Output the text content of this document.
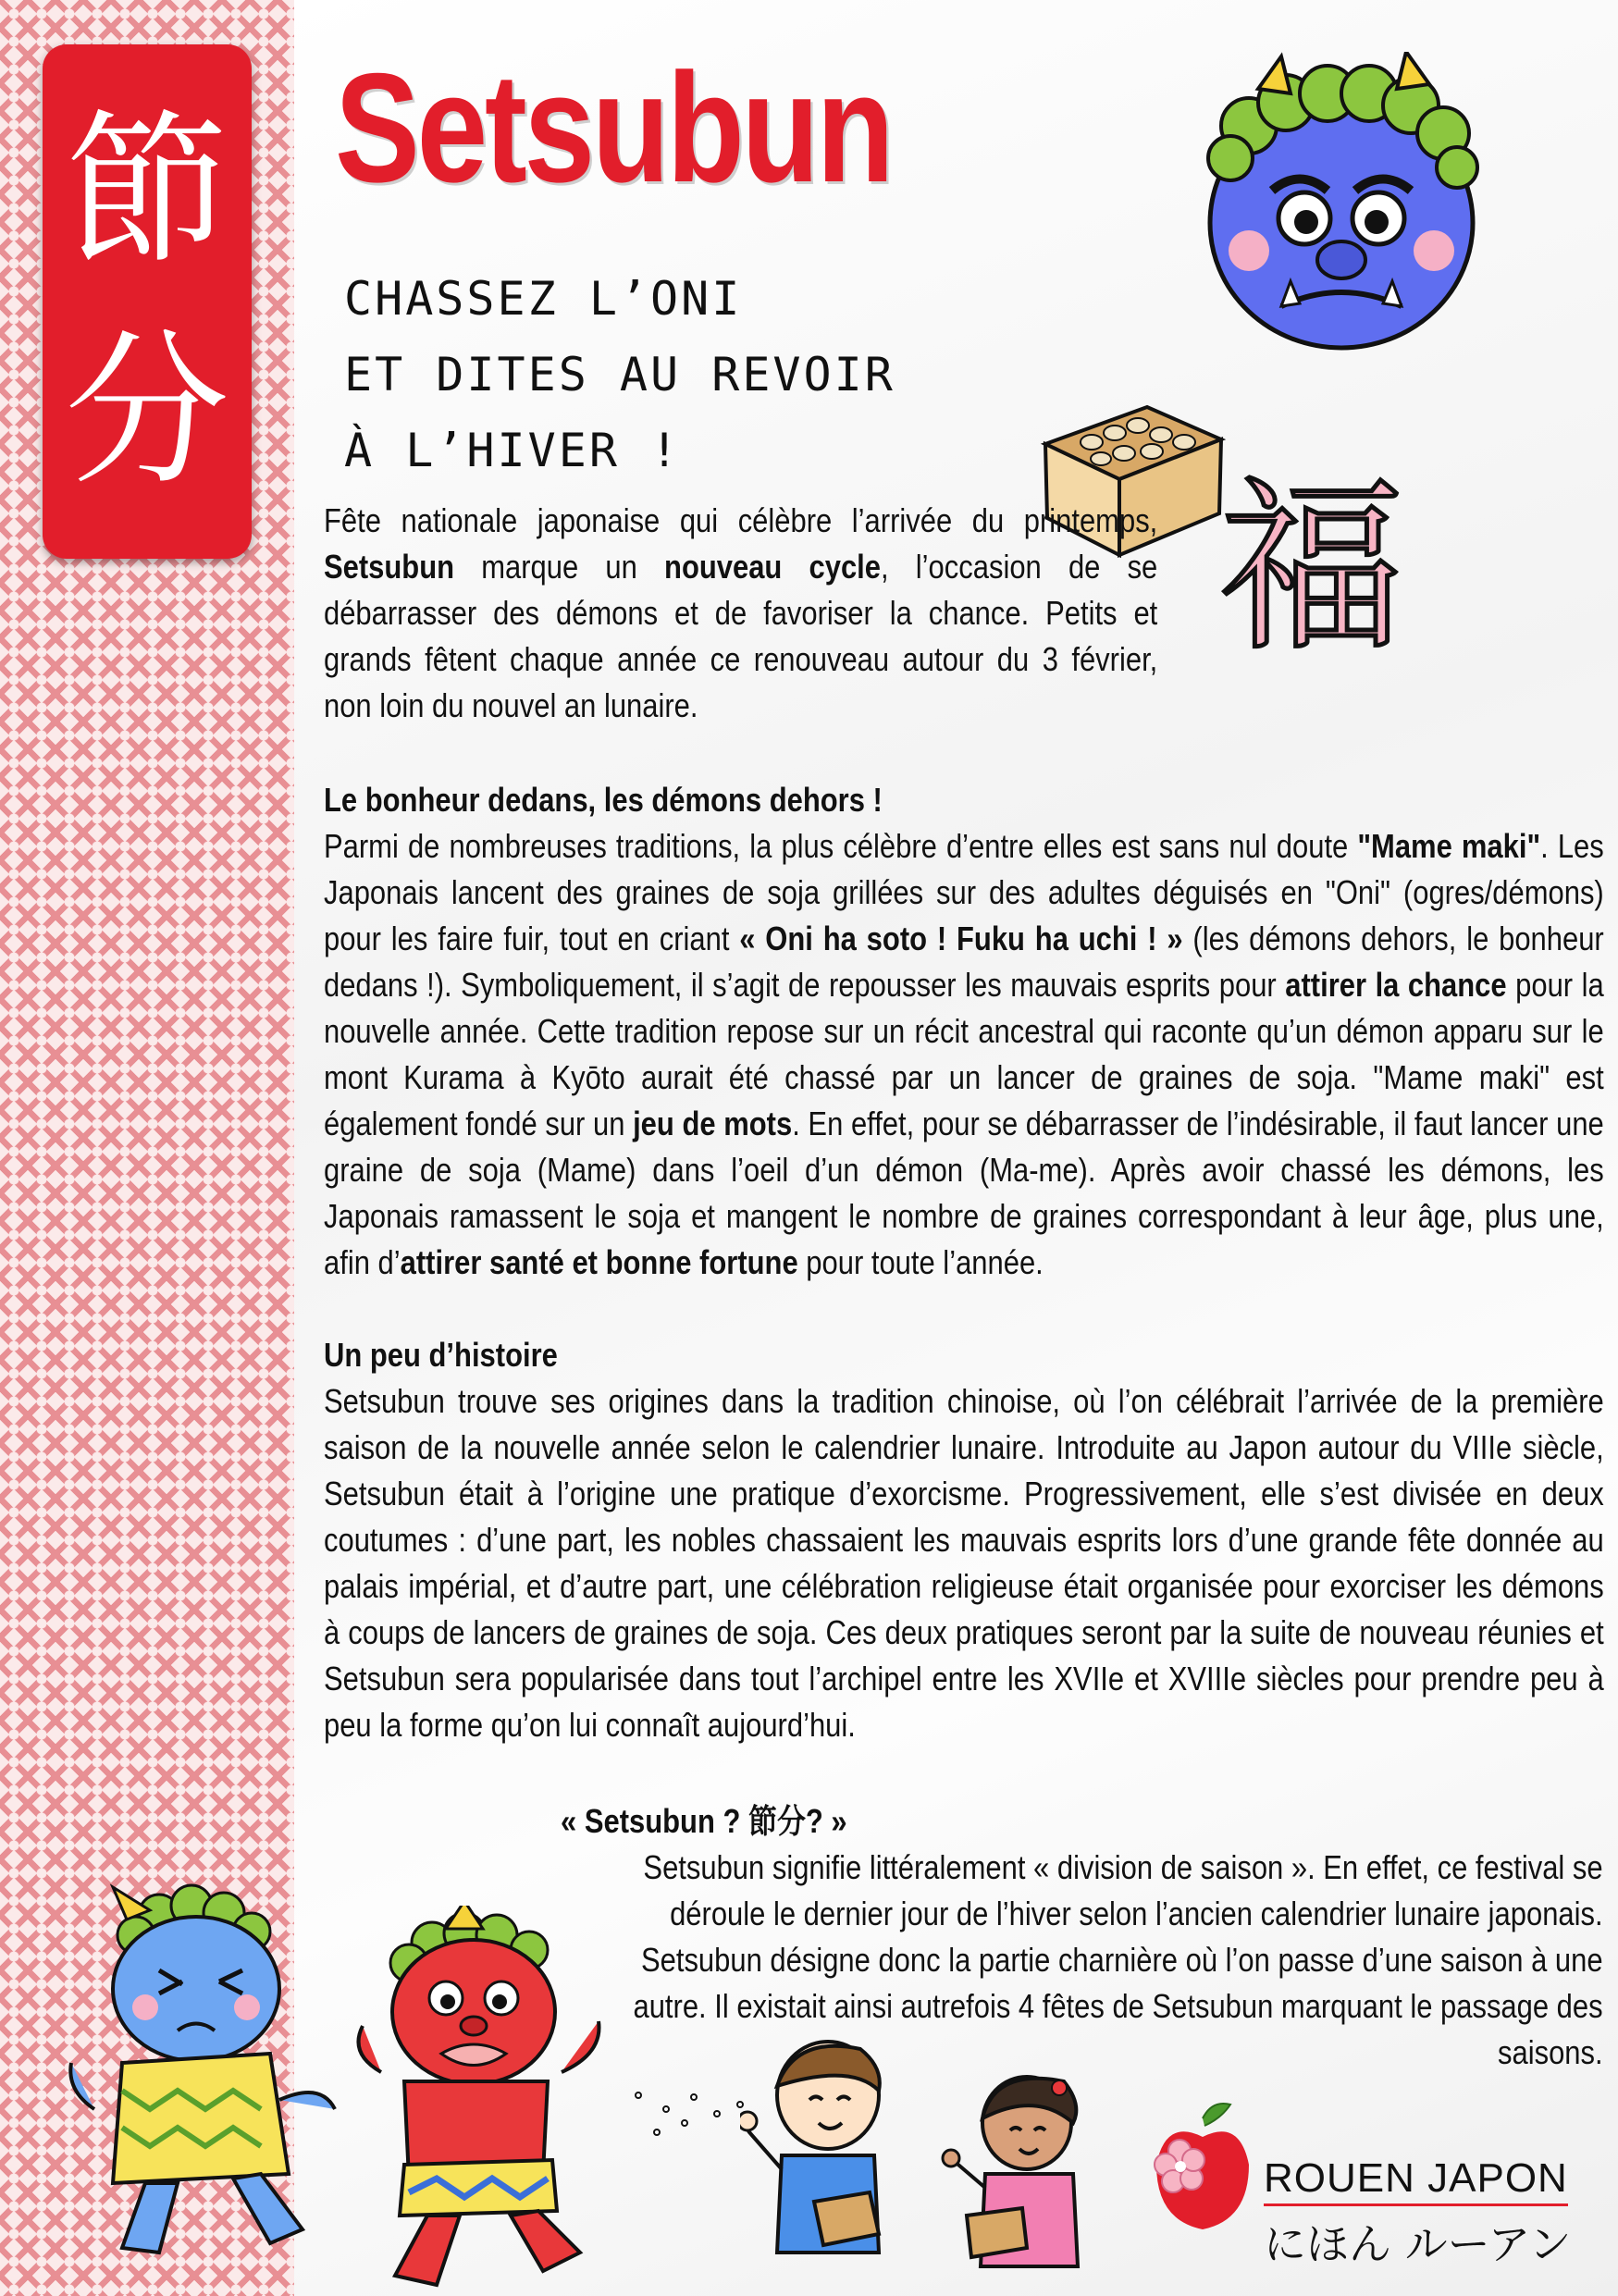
節
分
Setsubun
CHASSEZ L’ONI
ET DITES AU REVOIR
À L’HIVER !
福
Fête nationale japonaise qui célèbre l’arrivée du printemps, Setsubun marque un nouveau cycle, l’occasion de se débarrasser des démons et de favoriser la chance. Petits et grands fêtent chaque année ce renouveau autour du 3 février, non loin du nouvel an lunaire.

Le bonheur dedans, les démons dehors !

Parmi de nombreuses traditions, la plus célèbre d’entre elles est sans nul doute "Mame maki". Les Japonais lancent des graines de soja grillées sur des adultes déguisés en "Oni" (ogres/démons) pour les faire fuir, tout en criant « Oni ha soto ! Fuku ha uchi ! » (les démons dehors, le bonheur dedans !). Symboliquement, il s’agit de repousser les mauvais esprits pour attirer la chance pour la nouvelle année. Cette tradition repose sur un récit ancestral qui raconte qu’un démon apparu sur le mont Kurama à Kyōto aurait été chassé par un lancer de graines de soja. "Mame maki" est également fondé sur un jeu de mots. En effet, pour se débarrasser de l’indésirable, il faut lancer une graine de soja (Mame) dans l’oeil d’un démon (Ma-me). Après avoir chassé les démons, les Japonais ramassent le soja et mangent le nombre de graines correspondant à leur âge, plus une, afin d’attirer santé et bonne fortune pour toute l’année.

Un peu d’histoire

Setsubun trouve ses origines dans la tradition chinoise, où l’on célébrait l’arrivée de la première saison de la nouvelle année selon le calendrier lunaire. Introduite au Japon autour du VIIIe siècle, Setsubun était à l’origine une pratique d’exorcisme. Progressivement, elle s’est divisée en deux coutumes : d’une part, les nobles chassaient les mauvais esprits lors d’une grande fête donnée au palais impérial, et d’autre part, une célébration religieuse était organisée pour exorciser les démons à coups de lancers de graines de soja. Ces deux pratiques seront par la suite de nouveau réunies et Setsubun sera popularisée dans tout l’archipel entre les XVIIe et XVIIIe siècles pour prendre peu à peu la forme qu’on lui connaît aujourd’hui.

« Setsubun ? 節分? »

Setsubun signifie littéralement « division de saison ». En effet, ce festival se déroule le dernier jour de l’hiver selon l’ancien calendrier lunaire japonais. Setsubun désigne donc la partie charnière où l’on passe d’une saison à une autre. Il existait ainsi autrefois 4 fêtes de Setsubun marquant le passage des saisons.

ROUEN JAPON
にほん ルーアン
